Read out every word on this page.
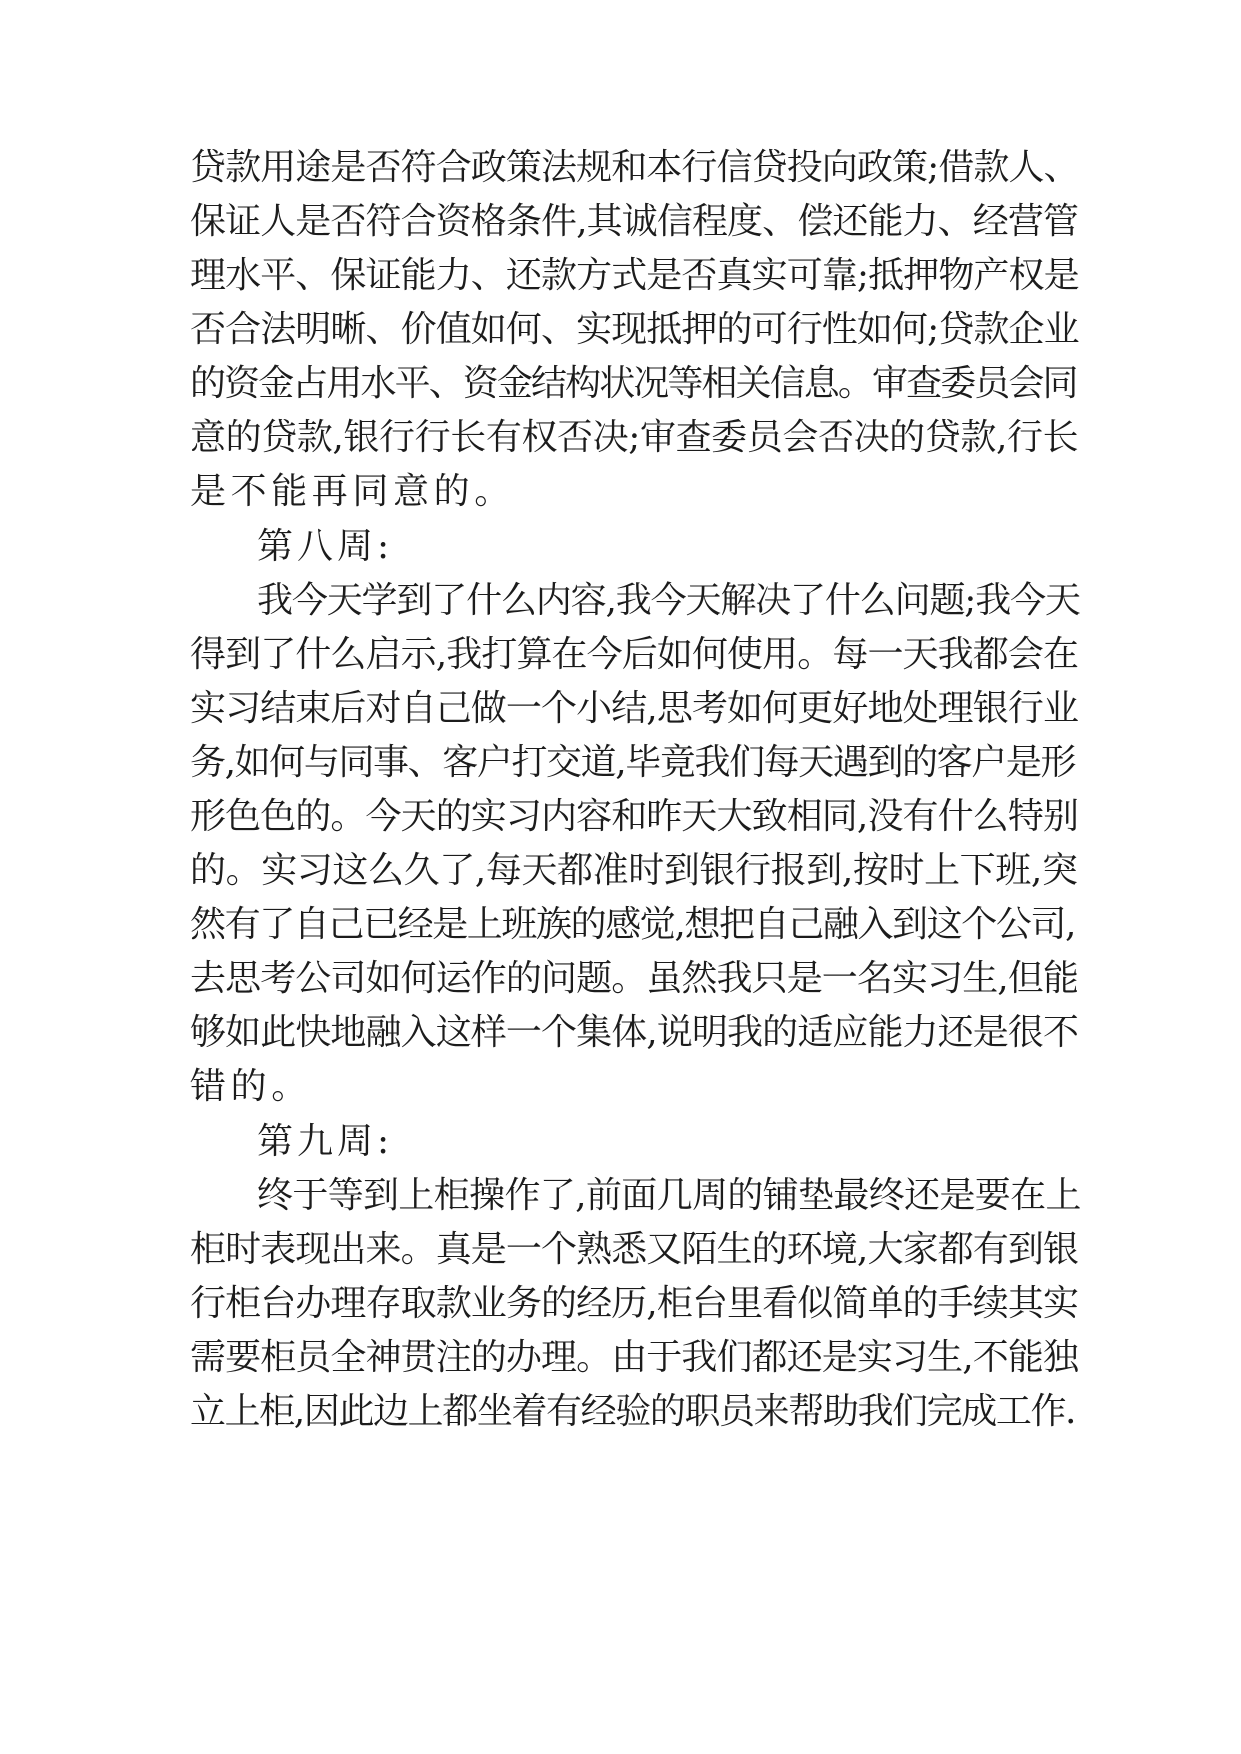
贷款用途是否符合政策法规和本行信贷投向政策;借款人、
保证人是否符合资格条件,其诚信程度、偿还能力、经营管
理水平、保证能力、还款方式是否真实可靠;抵押物产权是
否合法明晰、价值如何、实现抵押的可行性如何;贷款企业
的资金占用水平、资金结构状况等相关信息。审查委员会同
意的贷款,银行行长有权否决;审查委员会否决的贷款,行长
是不能再同意的。
第八周:
我今天学到了什么内容,我今天解决了什么问题;我今天
得到了什么启示,我打算在今后如何使用。每一天我都会在
实习结束后对自己做一个小结,思考如何更好地处理银行业
务,如何与同事、客户打交道,毕竟我们每天遇到的客户是形
形色色的。今天的实习内容和昨天大致相同,没有什么特别
的。实习这么久了,每天都准时到银行报到,按时上下班,突
然有了自己已经是上班族的感觉,想把自己融入到这个公司,
去思考公司如何运作的问题。虽然我只是一名实习生,但能
够如此快地融入这样一个集体,说明我的适应能力还是很不
错的。
第九周:
终于等到上柜操作了,前面几周的铺垫最终还是要在上
柜时表现出来。真是一个熟悉又陌生的环境,大家都有到银
行柜台办理存取款业务的经历,柜台里看似简单的手续其实
需要柜员全神贯注的办理。由于我们都还是实习生,不能独
立上柜,因此边上都坐着有经验的职员来帮助我们完成工作.
